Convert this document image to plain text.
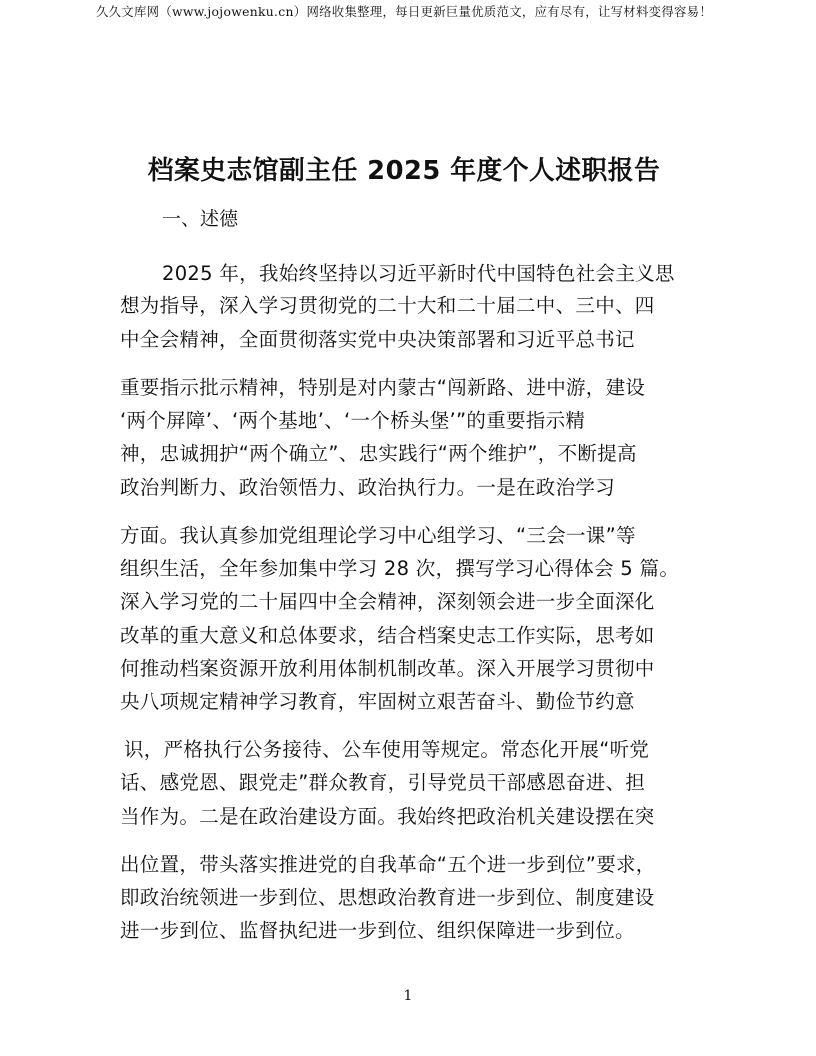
久久文库网（www.jojowenku.cn）网络收集整理，每日更新巨量优质范文，应有尽有，让写材料变得容易！
档案史志馆副主任 2025 年度个人述职报告
一、述德
2025 年，我始终坚持以习近平新时代中国特色社会主义思
想为指导，深入学习贯彻党的二十大和二十届二中、三中、四
中全会精神，全面贯彻落实党中央决策部署和习近平总书记
重要指示批示精神，特别是对内蒙古“闯新路、进中游，建设
‘两个屏障’、‘两个基地’、‘一个桥头堡’”的重要指示精
神，忠诚拥护“两个确立”、忠实践行“两个维护”，不断提高
政治判断力、政治领悟力、政治执行力。一是在政治学习
方面。我认真参加党组理论学习中心组学习、“三会一课”等
组织生活，全年参加集中学习 28 次，撰写学习心得体会 5 篇。
深入学习党的二十届四中全会精神，深刻领会进一步全面深化
改革的重大意义和总体要求，结合档案史志工作实际，思考如
何推动档案资源开放利用体制机制改革。深入开展学习贯彻中
央八项规定精神学习教育，牢固树立艰苦奋斗、勤俭节约意
识，严格执行公务接待、公车使用等规定。常态化开展“听党
话、感党恩、跟党走”群众教育，引导党员干部感恩奋进、担
当作为。二是在政治建设方面。我始终把政治机关建设摆在突
出位置，带头落实推进党的自我革命“五个进一步到位”要求，
即政治统领进一步到位、思想政治教育进一步到位、制度建设
进一步到位、监督执纪进一步到位、组织保障进一步到位。
1
